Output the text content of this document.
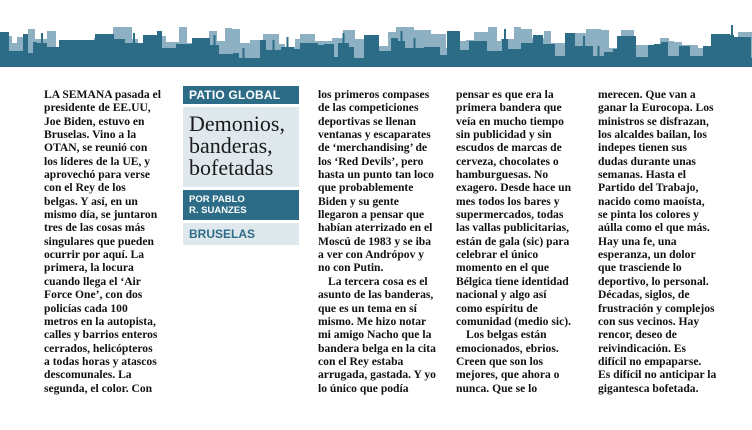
LA SEMANA pasada el
presidente de EE.UU,
Joe Biden, estuvo en
Bruselas. Vino a la
OTAN, se reunió con
los líderes de la UE, y
aprovechó para verse
con el Rey de los
belgas. Y así, en un
mismo día, se juntaron
tres de las cosas más
singulares que pueden
ocurrir por aquí. La
primera, la locura
cuando llega el ‘Air
Force One’, con dos
policías cada 100
metros en la autopista,
calles y barrios enteros
cerrados, helicópteros
a todas horas y atascos
descomunales. La
segunda, el color. Con

PATIO GLOBAL
Demonios,
banderas,
bofetadas
POR PABLO
R. SUANZES
BRUSELAS

los primeros compases
de las competiciones
deportivas se llenan
ventanas y escaparates
de ‘merchandising’ de
los ‘Red Devils’, pero
hasta un punto tan loco
que probablemente
Biden y su gente
llegaron a pensar que
habían aterrizado en el
Moscú de 1983 y se iba
a ver con Andrópov y
no con Putin.

La tercera cosa es el
asunto de las banderas,
que es un tema en sí
mismo. Me hizo notar
mi amigo Nacho que la
bandera belga en la cita
con el Rey estaba
arrugada, gastada. Y yo
lo único que podía

pensar es que era la
primera bandera que
veía en mucho tiempo
sin publicidad y sin
escudos de marcas de
cerveza, chocolates o
hamburguesas. No
exagero. Desde hace un
mes todos los bares y
supermercados, todas
las vallas publicitarias,
están de gala (sic) para
celebrar el único
momento en el que
Bélgica tiene identidad
nacional y algo así
como espíritu de
comunidad (medio sic).

Los belgas están
emocionados, ebrios.
Creen que son los
mejores, que ahora o
nunca. Que se lo

merecen. Que van a
ganar la Eurocopa. Los
ministros se disfrazan,
los alcaldes bailan, los
indepes tienen sus
dudas durante unas
semanas. Hasta el
Partido del Trabajo,
nacido como maoísta,
se pinta los colores y
aúlla como el que más.
Hay una fe, una
esperanza, un dolor
que trasciende lo
deportivo, lo personal.
Décadas, siglos, de
frustración y complejos
con sus vecinos. Hay
rencor, deseo de
reivindicación. Es
difícil no empaparse.
Es difícil no anticipar la
gigantesca bofetada.
